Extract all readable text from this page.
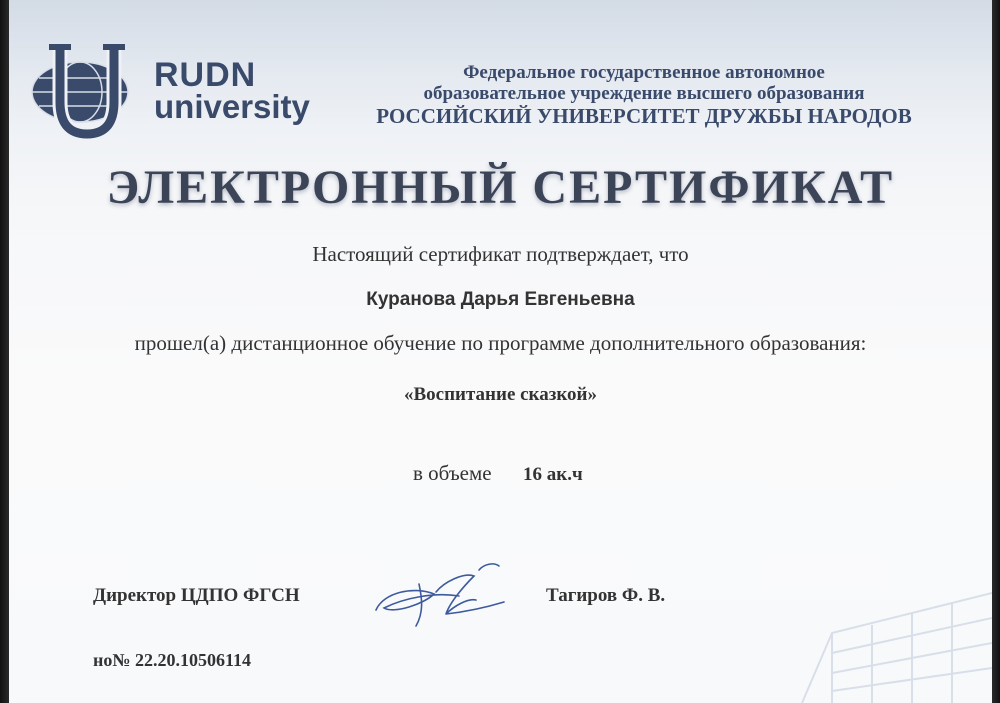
RUDN
university
Федеральное государственное автономное
образовательное учреждение высшего образования
РОССИЙСКИЙ УНИВЕРСИТЕТ ДРУЖБЫ НАРОДОВ
ЭЛЕКТРОННЫЙ СЕРТИФИКАТ
Настоящий сертификат подтверждает, что
Куранова Дарья Евгеньевна
прошел(а) дистанционное обучение по программе дополнительного образования:
«Воспитание сказкой»
в объеме 16 ак.ч
Директор ЦДПО ФГСН	Тагиров Ф. В.
но№ 22.20.10506114
